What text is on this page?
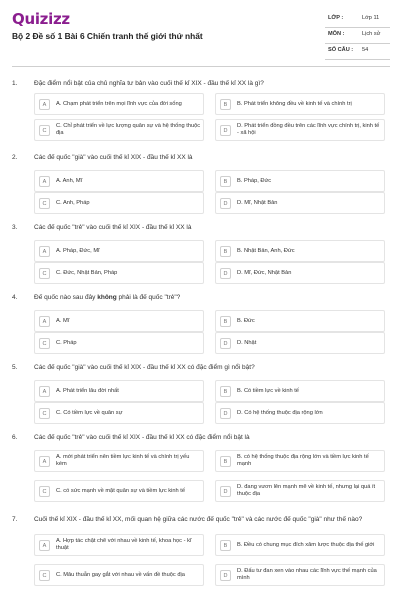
Quizizz
Bộ 2 Đề số 1 Bài 6 Chiến tranh thế giới thứ nhất
LỚP :	Lớp 11
MÔN :	Lịch sử
SỐ CÂU : 54
1.	Đặc điểm nổi bật của chủ nghĩa tư bản vào cuối thế kỉ XIX - đầu thế kỉ XX là gì?
A	A. Chạm phát triển trên mọi lĩnh vực của đời sống	B	B. Phát triển không đều về kinh tế và chính trị
C
C. Chỉ phát triển về lực lượng quân sự và hệ thống thuộc địa	D
D. Phát triển đồng đều trên các lĩnh vực chính trị, kinh tế - xã hội
2.	Các đế quốc "già" vào cuối thế kỉ XIX - đầu thế kỉ XX là
A	A. Anh, Mĩ	B	B. Pháp, Đức
C	C. Anh, Pháp	D	D. Mĩ, Nhật Bản
3.	Các đế quốc "trẻ" vào cuối thế kỉ XIX - đầu thế kỉ XX là
A	A. Pháp, Đức, Mĩ	B	B. Nhật Bản, Anh, Đức
C	C. Đức, Nhật Bản, Pháp	D	D. Mĩ, Đức, Nhật Bản
4.	Đế quốc nào sau đây không phải là đế quốc "trẻ"?
A	A. Mĩ	B	B. Đức
C	C. Pháp	D	D. Nhật
5.	Các đế quốc "già" vào cuối thế kỉ XIX - đầu thế kỉ XX có đặc điểm gì nổi bật?
A	A. Phát triển lâu đời nhất	B	B. Có tiềm lực về kinh tế
C	C. Có tiềm lực về quân sự	D	D. Có hệ thống thuộc địa rộng lớn
6.	Các đế quốc "trẻ" vào cuối thế kỉ XIX - đầu thế kỉ XX có đặc điểm nổi bật là
A
A. mới phát triển nên tiềm lực kinh tế và chính trị yếu kém	B
B. có hệ thống thuộc địa rộng lớn và tiềm lực kinh tế mạnh
C	C. có sức mạnh về mặt quân sự và tiềm lực kinh tế	D
D. đang vươn lên mạnh mẽ về kinh tế, nhưng lại quá ít thuộc địa
7.	Cuối thế kỉ XIX - đầu thế kỉ XX, mối quan hệ giữa các nước đế quốc "trẻ" và các nước đế quốc "già" như thế nào?
A
A. Hợp tác chặt chẽ với nhau về kinh tế, khoa học - kĩ thuật	B	B. Đều có chung mục đích xâm lược thuộc địa thế giới
C	C. Mâu thuẫn gay gắt với nhau về vấn đề thuộc địa	D
D. Đấu tư đan xen vào nhau các lĩnh vực thế mạnh của mình
